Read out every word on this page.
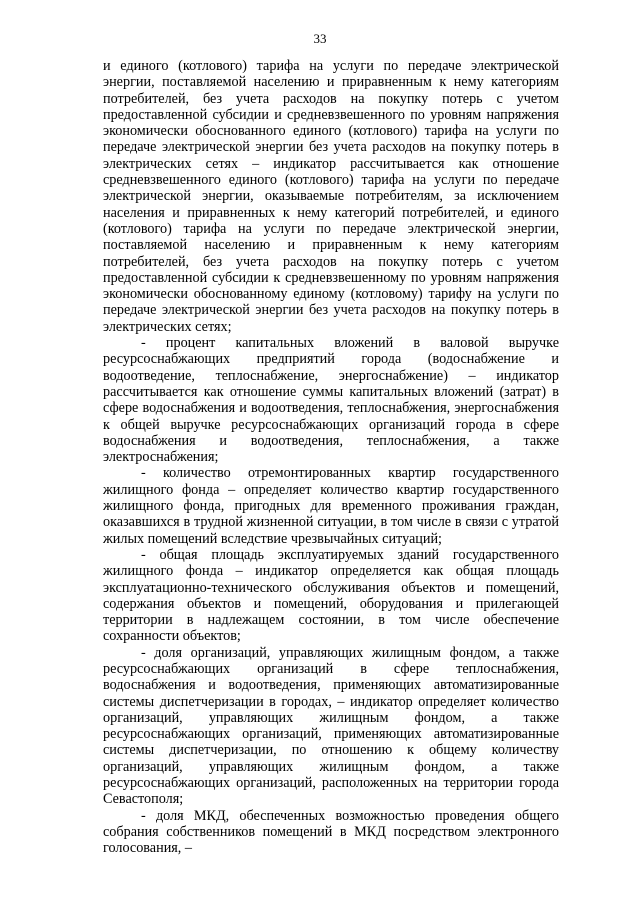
33

и единого (котлового) тарифа на услуги по передаче электрической энергии, поставляемой населению и приравненным к нему категориям потребителей, без учета расходов на покупку потерь с учетом предоставленной субсидии и средневзвешенного по уровням напряжения экономически обоснованного единого (котлового) тарифа на услуги по передаче электрической энергии без учета расходов на покупку потерь в электрических сетях – индикатор рассчитывается как отношение средневзвешенного единого (котлового) тарифа на услуги по передаче электрической энергии, оказываемые потребителям, за исключением населения и приравненных к нему категорий потребителей, и единого (котлового) тарифа на услуги по передаче электрической энергии, поставляемой населению и приравненным к нему категориям потребителей, без учета расходов на покупку потерь с учетом предоставленной субсидии к средневзвешенному по уровням напряжения экономически обоснованному единому (котловому) тарифу на услуги по передаче электрической энергии без учета расходов на покупку потерь в электрических сетях;

- процент капитальных вложений в валовой выручке ресурсоснабжающих предприятий города (водоснабжение и водоотведение, теплоснабжение, энергоснабжение) – индикатор рассчитывается как отношение суммы капитальных вложений (затрат) в сфере водоснабжения и водоотведения, теплоснабжения, энергоснабжения к общей выручке ресурсоснабжающих организаций города в сфере водоснабжения и водоотведения, теплоснабжения, а также электроснабжения;

- количество отремонтированных квартир государственного жилищного фонда – определяет количество квартир государственного жилищного фонда, пригодных для временного проживания граждан, оказавшихся в трудной жизненной ситуации, в том числе в связи с утратой жилых помещений вследствие чрезвычайных ситуаций;

- общая площадь эксплуатируемых зданий государственного жилищного фонда – индикатор определяется как общая площадь эксплуатационно-технического обслуживания объектов и помещений, содержания объектов и помещений, оборудования и прилегающей территории в надлежащем состоянии, в том числе обеспечение сохранности объектов;

- доля организаций, управляющих жилищным фондом, а также ресурсоснабжающих организаций в сфере теплоснабжения, водоснабжения и водоотведения, применяющих автоматизированные системы диспетчеризации в городах, – индикатор определяет количество организаций, управляющих жилищным фондом, а также ресурсоснабжающих организаций, применяющих автоматизированные системы диспетчеризации, по отношению к общему количеству организаций, управляющих жилищным фондом, а также ресурсоснабжающих организаций, расположенных на территории города Севастополя;

- доля МКД, обеспеченных возможностью проведения общего собрания собственников помещений в МКД посредством электронного голосования, –
